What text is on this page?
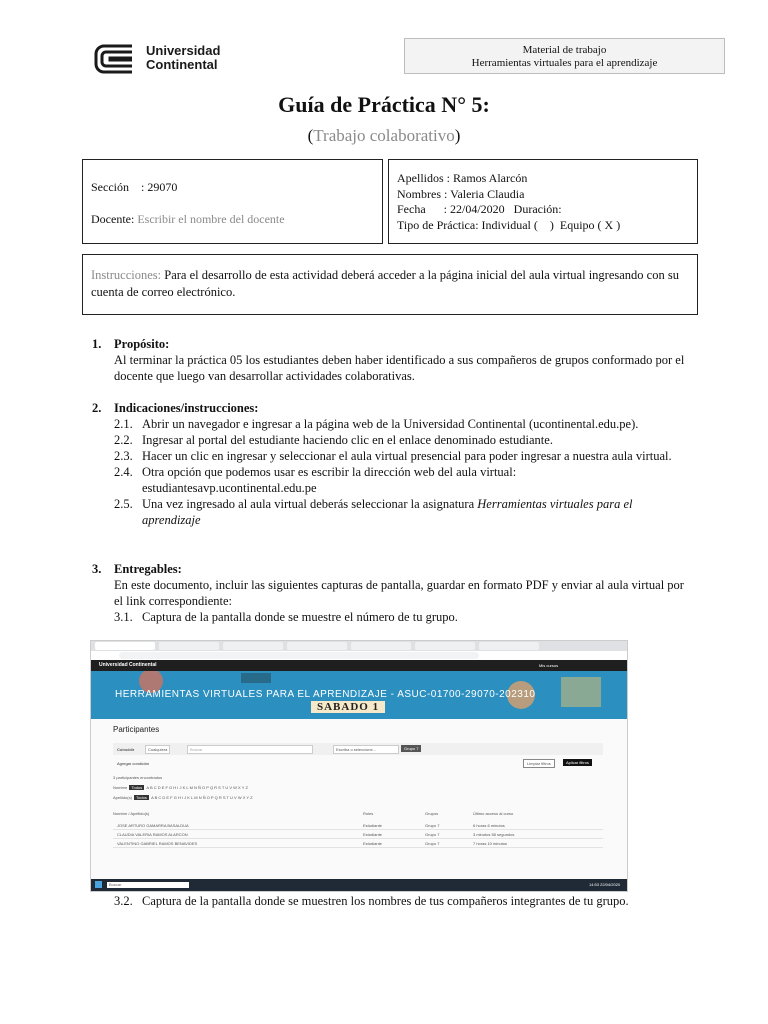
Universidad
Continental
Material de trabajo
Herramientas virtuales para el aprendizaje
Guía de Práctica N° 5:
(Trabajo colaborativo)
Sección : 29070
Docente: Escribir el nombre del docente
Apellidos : Ramos Alarcón
Nombres : Valeria Claudia
Fecha      : 22/04/2020   Duración:
Tipo de Práctica: Individual (    )  Equipo ( X )
Instrucciones: Para el desarrollo de esta actividad deberá acceder a la página inicial del aula virtual ingresando con su cuenta de correo electrónico.
1. Propósito:
Al terminar la práctica 05 los estudiantes deben haber identificado a sus compañeros de grupos conformado por el docente que luego van desarrollar actividades colaborativas.
2. Indicaciones/instrucciones:
2.1. Abrir un navegador e ingresar a la página web de la Universidad Continental (ucontinental.edu.pe).
2.2. Ingresar al portal del estudiante haciendo clic en el enlace denominado estudiante.
2.3. Hacer un clic en ingresar y seleccionar el aula virtual presencial para poder ingresar a nuestra aula virtual.
2.4. Otra opción que podemos usar es escribir la dirección web del aula virtual: estudiantesavp.ucontinental.edu.pe
2.5. Una vez ingresado al aula virtual deberás seleccionar la asignatura Herramientas virtuales para el aprendizaje
3. Entregables:
En este documento, incluir las siguientes capturas de pantalla, guardar en formato PDF y enviar al aula virtual por el link correspondiente:
3.1. Captura de la pantalla donde se muestre el número de tu grupo.
Universidad Continental	Mis cursos
HERRAMIENTAS VIRTUALES PARA EL APRENDIZAJE - ASUC-01700-29070-202310
SABADO 1
Participantes
Coincidir	Cualquiera	Buscar	Escriba o seleccione...	Grupo 7
Agregar condición	Limpiar filtros	Aplicar filtros
3 participantes encontrados
Nombre Todos A B C D E F G H I J K L M N Ñ O P Q R S T U V W X Y Z
Apellido(s) Todos A B C D E F G H I J K L M N Ñ O P Q R S T U V W X Y Z
Nombre / Apellido(s)	Roles	Grupos	Último acceso al curso
JOSE ARTURO GAMARRA BASALDUA	Estudiante	Grupo 7	6 horas 6 minutos
CLAUDIA VALERIA RAMOS ALARCON	Estudiante	Grupo 7	3 minutos 58 segundos
VALENTINO GABRIEL RAMOS BENAVIDES	Estudiante	Grupo 7	7 horas 10 minutos
Buscar	14:53 22/04/2020
3.2. Captura de la pantalla donde se muestren los nombres de tus compañeros integrantes de tu grupo.
